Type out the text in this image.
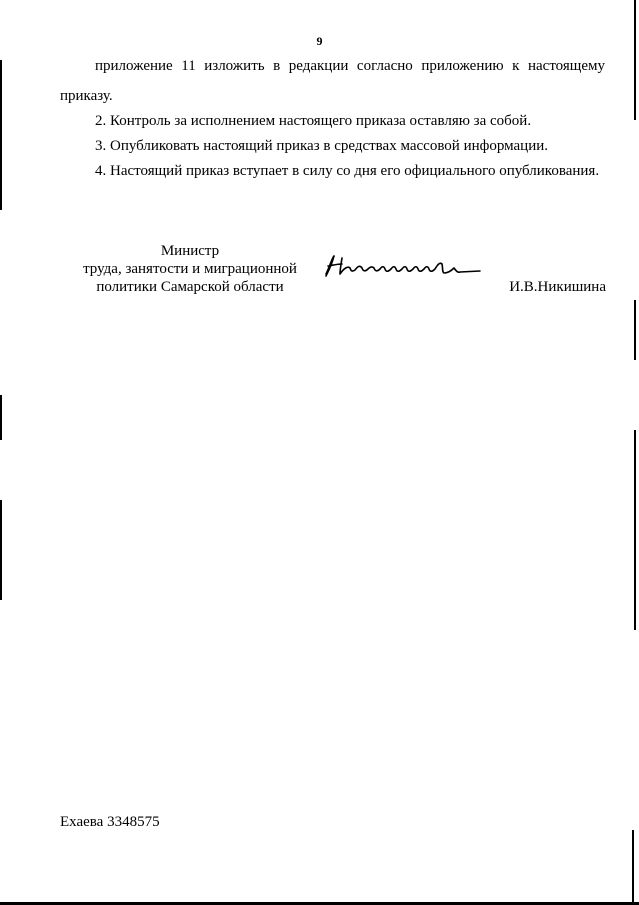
9
приложение 11 изложить в редакции согласно приложению к настоящему
приказу.
2. Контроль за исполнением настоящего приказа оставляю за собой.
3. Опубликовать настоящий приказ в средствах массовой информации.
4. Настоящий приказ вступает в силу со дня его официального опубликования.
Министр
труда, занятости и миграционной
политики Самарской области	И.В.Никишина
Ехаева 3348575
